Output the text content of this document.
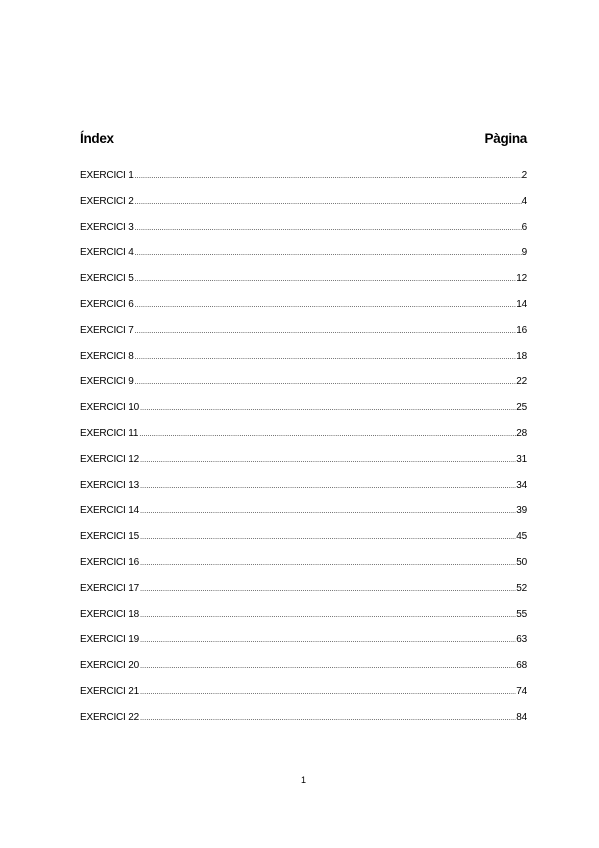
Índex	Pàgina
EXERCICI 1 .....	2
EXERCICI 2 .....	4
EXERCICI 3 .....	6
EXERCICI 4 .....	9
EXERCICI 5 .....	12
EXERCICI 6 .....	14
EXERCICI 7 .....	16
EXERCICI 8 .....	18
EXERCICI 9 .....	22
EXERCICI 10 .....	25
EXERCICI 11 .....	28
EXERCICI 12 .....	31
EXERCICI 13 .....	34
EXERCICI 14 .....	39
EXERCICI 15 .....	45
EXERCICI 16 .....	50
EXERCICI 17 .....	52
EXERCICI 18 .....	55
EXERCICI 19 .....	63
EXERCICI 20 .....	68
EXERCICI 21 .....	74
EXERCICI 22 .....	84
1
